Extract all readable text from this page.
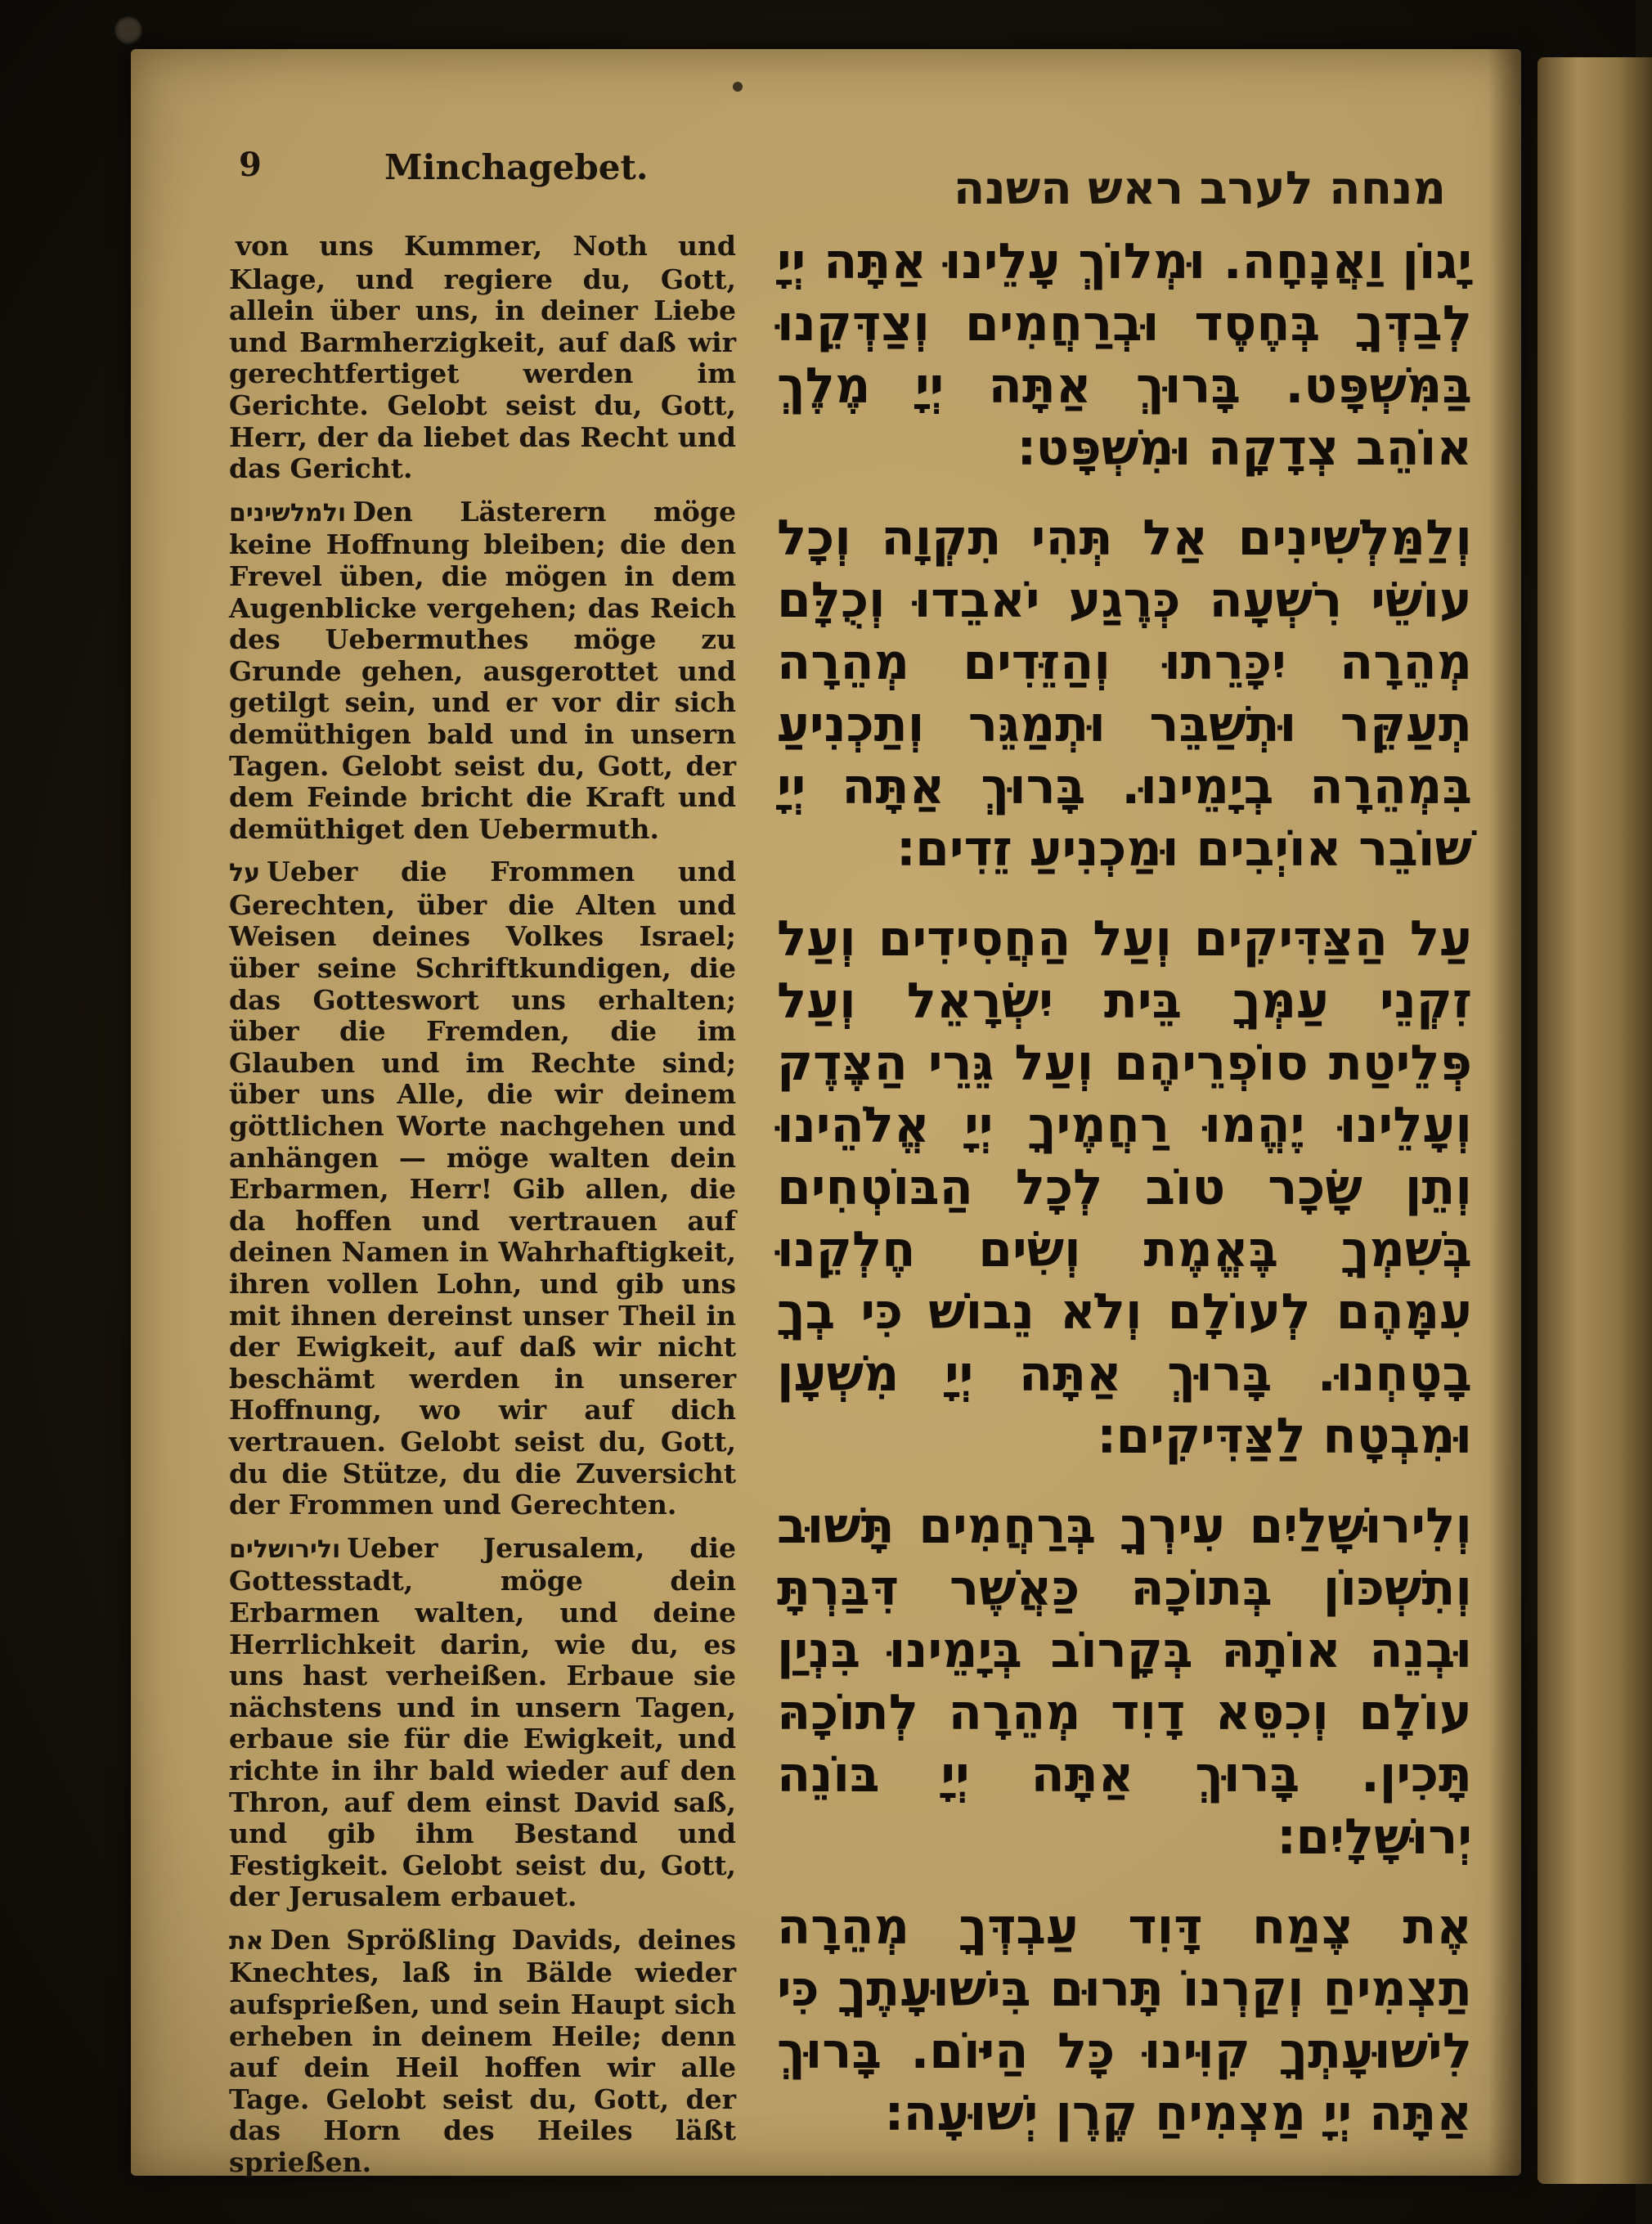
9	Minchagebet.	מנחה לערב ראש השנה

von uns Kummer, Noth und Klage, und regiere du, Gott, allein über uns, in deiner Liebe und Barmherzigkeit, auf daß wir gerechtfertiget werden im Gerichte. Gelobt seist du, Gott, Herr, der da liebet das Recht und das Gericht.

ולמלשינים Den Lästerern möge keine Hoffnung bleiben; die den Frevel üben, die mögen in dem Augenblicke vergehen; das Reich des Uebermuthes möge zu Grunde gehen, ausgerottet und getilgt sein, und er vor dir sich demüthigen bald und in unsern Tagen. Gelobt seist du, Gott, der dem Feinde bricht die Kraft und demüthiget den Uebermuth.

על Ueber die Frommen und Gerechten, über die Alten und Weisen deines Volkes Israel; über seine Schriftkundigen, die das Gotteswort uns erhalten; über die Fremden, die im Glauben und im Rechte sind; über uns Alle, die wir deinem göttlichen Worte nachgehen und anhängen — möge walten dein Erbarmen, Herr! Gib allen, die da hoffen und vertrauen auf deinen Namen in Wahrhaftigkeit, ihren vollen Lohn, und gib uns mit ihnen dereinst unser Theil in der Ewigkeit, auf daß wir nicht beschämt werden in unserer Hoffnung, wo wir auf dich vertrauen. Gelobt seist du, Gott, du die Stütze, du die Zuversicht der Frommen und Gerechten.

ולירושלים Ueber Jerusalem, die Gottesstadt, möge dein Erbarmen walten, und deine Herrlichkeit darin, wie du, es uns hast verheißen. Erbaue sie nächstens und in unsern Tagen, erbaue sie für die Ewigkeit, und richte in ihr bald wieder auf den Thron, auf dem einst David saß, und gib ihm Bestand und Festigkeit. Gelobt seist du, Gott, der Jerusalem erbauet.

את Den Sprößling Davids, deines Knechtes, laß in Bälde wieder aufsprießen, und sein Haupt sich erheben in deinem Heile; denn auf dein Heil hoffen wir alle Tage. Gelobt seist du, Gott, der das Horn des Heiles läßt sprießen.

יָגוֹן וַאֲנָחָה. וּמְלוֹךְ עָלֵינוּ אַתָּה יְיָ לְבַדְּךָ בְּחֶסֶד וּבְרַחֲמִים וְצַדְּקֵנוּ בַּמִּשְׁפָּט. בָּרוּךְ אַתָּה יְיָ מֶלֶךְ אוֹהֵב צְדָקָה וּמִשְׁפָּט׃

וְלַמַּלְשִׁינִים אַל תְּהִי תִקְוָה וְכָל עוֹשֵׂי רִשְׁעָה כְּרֶגַע יֹאבֵדוּ וְכֻלָּם מְהֵרָה יִכָּרֵתוּ וְהַזֵּדִים מְהֵרָה תְעַקֵּר וּתְשַׁבֵּר וּתְמַגֵּר וְתַכְנִיעַ בִּמְהֵרָה בְיָמֵינוּ. בָּרוּךְ אַתָּה יְיָ שׁוֹבֵר אוֹיְבִים וּמַכְנִיעַ זֵדִים׃

עַל הַצַּדִּיקִים וְעַל הַחֲסִידִים וְעַל זִקְנֵי עַמְּךָ בֵּית יִשְׂרָאֵל וְעַל פְּלֵיטַת סוֹפְרֵיהֶם וְעַל גֵּרֵי הַצֶּדֶק וְעָלֵינוּ יֶהֱמוּ רַחֲמֶיךָ יְיָ אֱלֹהֵינוּ וְתֵן שָׂכָר טוֹב לְכָל הַבּוֹטְחִים בְּשִׁמְךָ בֶּאֱמֶת וְשִׂים חֶלְקֵנוּ עִמָּהֶם לְעוֹלָם וְלֹא נֵבוֹשׁ כִּי בְךָ בָטָחְנוּ. בָּרוּךְ אַתָּה יְיָ מִשְׁעָן וּמִבְטָח לַצַּדִּיקִים׃

וְלִירוּשָׁלַיִם עִירְךָ בְּרַחֲמִים תָּשׁוּב וְתִשְׁכּוֹן בְּתוֹכָהּ כַּאֲשֶׁר דִּבַּרְתָּ וּבְנֵה אוֹתָהּ בְּקָרוֹב בְּיָמֵינוּ בִּנְיַן עוֹלָם וְכִסֵּא דָוִד מְהֵרָה לְתוֹכָהּ תָּכִין. בָּרוּךְ אַתָּה יְיָ בּוֹנֵה יְרוּשָׁלָיִם׃

אֶת צֶמַח דָּוִד עַבְדְּךָ מְהֵרָה תַצְמִיחַ וְקַרְנוֹ תָּרוּם בִּישׁוּעָתֶךָ כִּי לִישׁוּעָתְךָ קִוִּינוּ כָּל הַיּוֹם. בָּרוּךְ אַתָּה יְיָ מַצְמִיחַ קֶרֶן יְשׁוּעָה׃
